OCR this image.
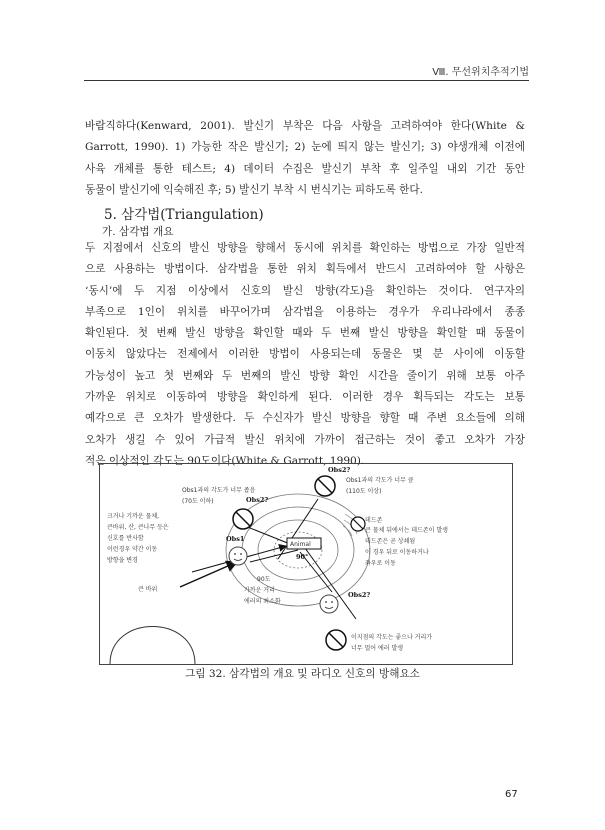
Ⅷ. 무선위치추적기법
바람직하다(Kenward, 2001). 발신기 부착은 다음 사항을 고려하여야 한다(White &
Garrott, 1990). 1) 가능한 작은 발신기; 2) 눈에 띄지 않는 발신기; 3) 야생개체 이전에
사육 개체를 통한 테스트; 4) 데이터 수집은 발신기 부착 후 일주일 내외 기간 동안
동물이 발신기에 익숙해진 후; 5) 발신기 부착 시 번식기는 피하도록 한다.
5. 삼각법(Triangulation)
가. 삼각법 개요
두 지점에서 신호의 발신 방향을 향해서 동시에 위치를 확인하는 방법으로 가장 일반적
으로 사용하는 방법이다. 삼각법을 통한 위치 획득에서 반드시 고려하여야 할 사항은
‘동시’에 두 지점 이상에서 신호의 발신 방향(각도)을 확인하는 것이다. 연구자의
부족으로 1인이 위치를 바꾸어가며 삼각법을 이용하는 경우가 우리나라에서 종종
확인된다. 첫 번째 발신 방향을 확인할 때와 두 번째 발신 방향을 확인할 때 동물이
이동치 않았다는 전제에서 이러한 방법이 사용되는데 동물은 몇 분 사이에 이동할
가능성이 높고 첫 번째와 두 번째의 발신 방향 확인 시간을 줄이기 위해 보통 아주
가까운 위치로 이동하여 방향을 확인하게 된다. 이러한 경우 획득되는 각도는 보통
예각으로 큰 오차가 발생한다. 두 수신자가 발신 방향을 향할 때 주변 요소들에 의해
오차가 생길 수 있어 가급적 발신 위치에 가까이 접근하는 것이 좋고 오차가 가장
적은 이상적인 각도는 90도이다(White & Garrott, 1990).
Obs2?
Obs1과의 각도가 너무 큼
(110도 이상)
Obs1과의 각도가 너무 좁음
(70도 이하)	Obs2?
크거나 기까운 물체,
큰바위, 산, 큰나무 등은
신호를 반사함
이런경우 약간 이동
방향을 변경
Obs1
Animal
90°
데드존
큰 물체 뒤에서는 데드존이 발생
데드존은 곧 상쇄됨
이 경우 뒤로 이동하거나
좌우로 이동
큰 바위
90도
가까운 거리
에러의 최소화
Obs2?
이지점의 각도는 좋으나 거리가
너무 멀어 에러 발생
그림 32. 삼각법의 개요 및 라디오 신호의 방해요소
67
